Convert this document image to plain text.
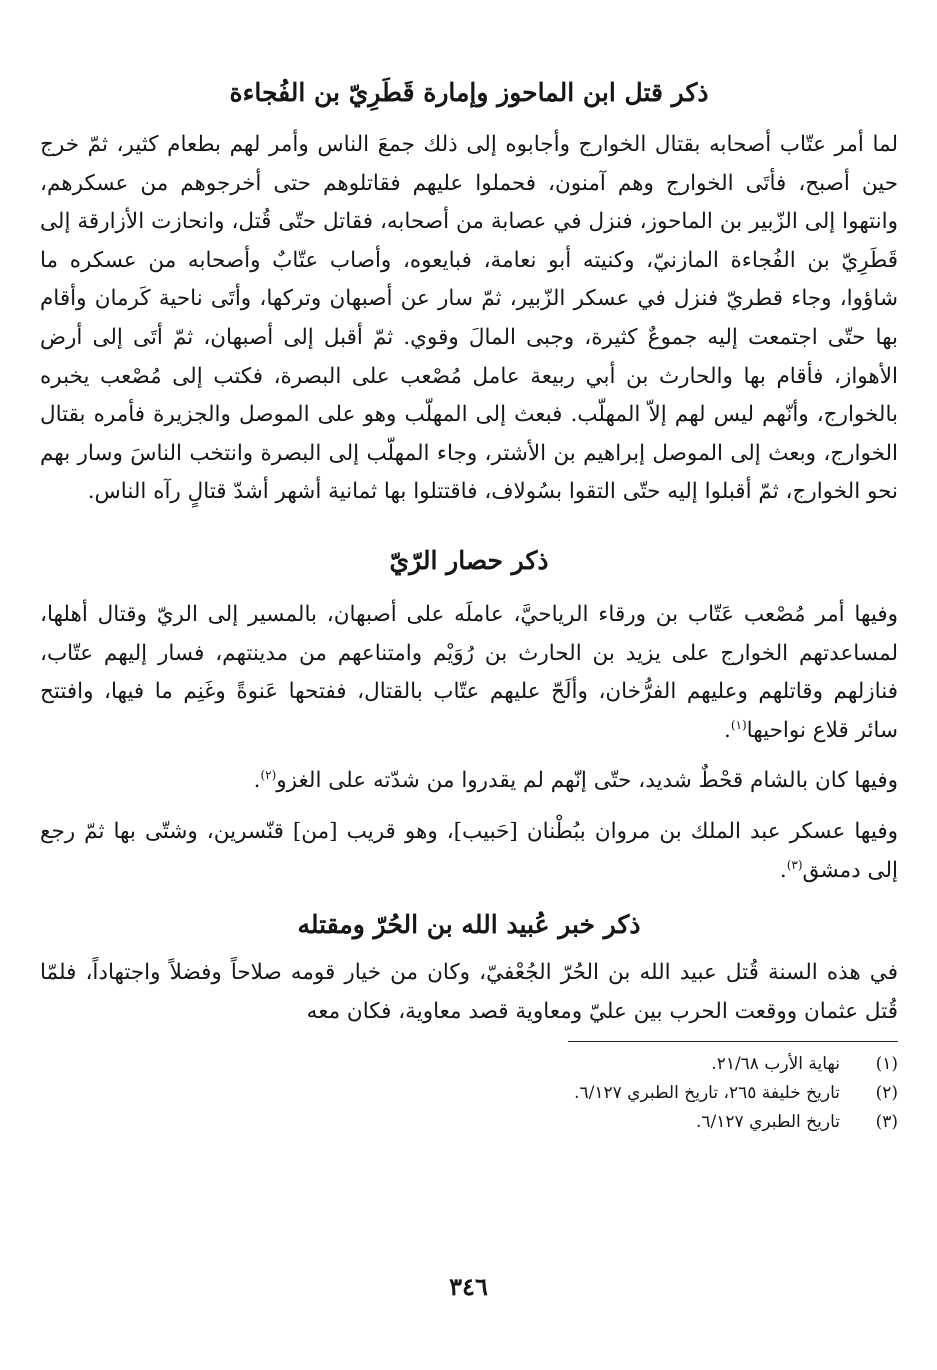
ذكر قتل ابن الماحوز وإمارة قَطَرِيّ بن الفُجاءة

لما أمر عتّاب أصحابه بقتال الخوارج وأجابوه إلى ذلك جمعَ الناس وأمر لهم بطعام كثير، ثمّ خرج حين أصبح، فأتَى الخوارج وهم آمنون، فحملوا عليهم فقاتلوهم حتى أخرجوهم من عسكرهم، وانتهوا إلى الزّبير بن الماحوز، فنزل في عصابة من أصحابه، فقاتل حتّى قُتل، وانحازت الأزارقة إلى قَطَرِيّ بن الفُجاءة المازنيّ، وكنيته أبو نعامة، فبايعوه، وأصاب عتّابٌ وأصحابه من عسكره ما شاؤوا، وجاء قطريّ فنزل في عسكر الزّبير، ثمّ سار عن أصبهان وتركها، وأتَى ناحية كَرمان وأقام بها حتّى اجتمعت إليه جموعٌ كثيرة، وجبى المالَ وقوي. ثمّ أقبل إلى أصبهان، ثمّ أتَى إلى أرض الأهواز، فأقام بها والحارث بن أبي ربيعة عامل مُصْعب على البصرة، فكتب إلى مُصْعب يخبره بالخوارج، وأنّهم ليس لهم إلاّ المهلّب. فبعث إلى المهلّب وهو على الموصل والجزيرة فأمره بقتال الخوارج، وبعث إلى الموصل إبراهيم بن الأشتر، وجاء المهلّب إلى البصرة وانتخب الناسَ وسار بهم نحو الخوارج، ثمّ أقبلوا إليه حتّى التقوا بسُولاف، فاقتتلوا بها ثمانية أشهر أشدّ قتالٍ رآه الناس.

ذكر حصار الرّيّ

وفيها أمر مُصْعب عَتّاب بن ورقاء الرياحيَّ، عاملَه على أصبهان، بالمسير إلى الريّ وقتال أهلها، لمساعدتهم الخوارج على يزيد بن الحارث بن رُوَيْم وامتناعهم من مدينتهم، فسار إليهم عتّاب، فنازلهم وقاتلهم وعليهم الفرُّخان، وألَحّ عليهم عتّاب بالقتال، ففتحها عَنوةً وغَنِم ما فيها، وافتتح سائر قلاع نواحيها$^{(١)}$.

وفيها كان بالشام قحْطٌ شديد، حتّى إنّهم لم يقدروا من شدّته على الغزو$^{(٢)}$.

وفيها عسكر عبد الملك بن مروان ببُطْنان [حَبيب]، وهو قريب [من] قنّسرين، وشتّى بها ثمّ رجع إلى دمشق$^{(٣)}$.

ذكر خبر عُبيد الله بن الحُرّ ومقتله

في هذه السنة قُتل عبيد الله بن الحُرّ الجُعْفيّ، وكان من خيار قومه صلاحاً وفضلاً واجتهاداً، فلمّا قُتل عثمان ووقعت الحرب بين عليّ ومعاوية قصد معاوية، فكان معه

(١)
نهاية الأرب ٢١/٦٨.
(٢)
تاريخ خليفة ٢٦٥، تاريخ الطبري ٦/١٢٧.
(٣)
تاريخ الطبري ٦/١٢٧.
٣٤٦
